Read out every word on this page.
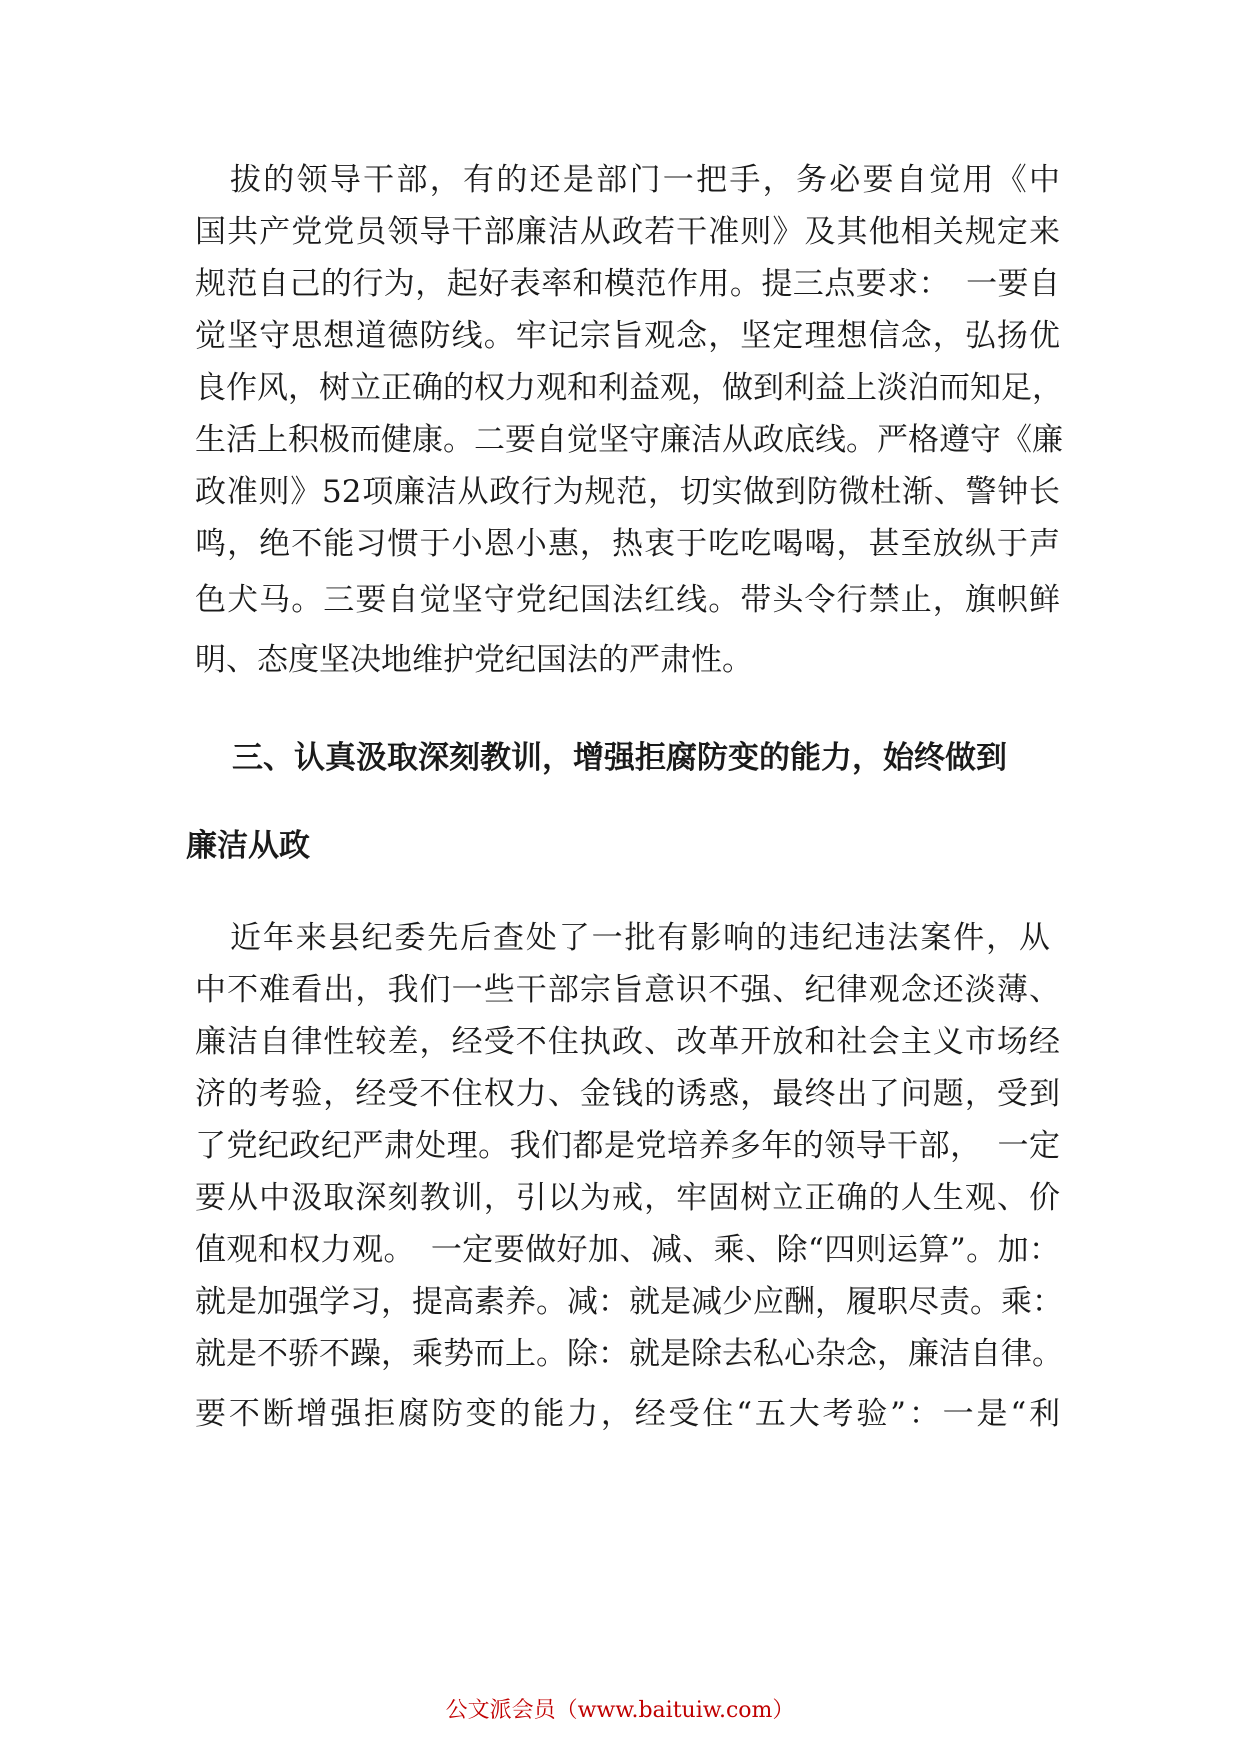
拔的领导干部，有的还是部门一把手，务必要自觉用《中
国共产党党员领导干部廉洁从政若干准则》及其他相关规定来
规范自己的行为，起好表率和模范作用。提三点要求：　一要自
觉坚守思想道德防线。牢记宗旨观念，坚定理想信念，弘扬优
良作风，树立正确的权力观和利益观，做到利益上淡泊而知足，
生活上积极而健康。二要自觉坚守廉洁从政底线。严格遵守《廉
政准则》52项廉洁从政行为规范，切实做到防微杜渐、警钟长
鸣，绝不能习惯于小恩小惠，热衷于吃吃喝喝，甚至放纵于声
色犬马。三要自觉坚守党纪国法红线。带头令行禁止，旗帜鲜
明、态度坚决地维护党纪国法的严肃性。
三、认真汲取深刻教训，增强拒腐防变的能力，始终做到
廉洁从政
近年来县纪委先后查处了一批有影响的违纪违法案件，从
中不难看出，我们一些干部宗旨意识不强、纪律观念还淡薄、
廉洁自律性较差，经受不住执政、改革开放和社会主义市场经
济的考验，经受不住权力、金钱的诱惑，最终出了问题，受到
了党纪政纪严肃处理。我们都是党培养多年的领导干部，　一定
要从中汲取深刻教训，引以为戒，牢固树立正确的人生观、价
值观和权力观。　一定要做好加、减、乘、除“四则运算”。加：
就是加强学习，提高素养。减：就是减少应酬，履职尽责。乘：
就是不骄不躁，乘势而上。除：就是除去私心杂念，廉洁自律。
要不断增强拒腐防变的能力，经受住“五大考验”：一是“利
公文派会员（www.baituiw.com）
